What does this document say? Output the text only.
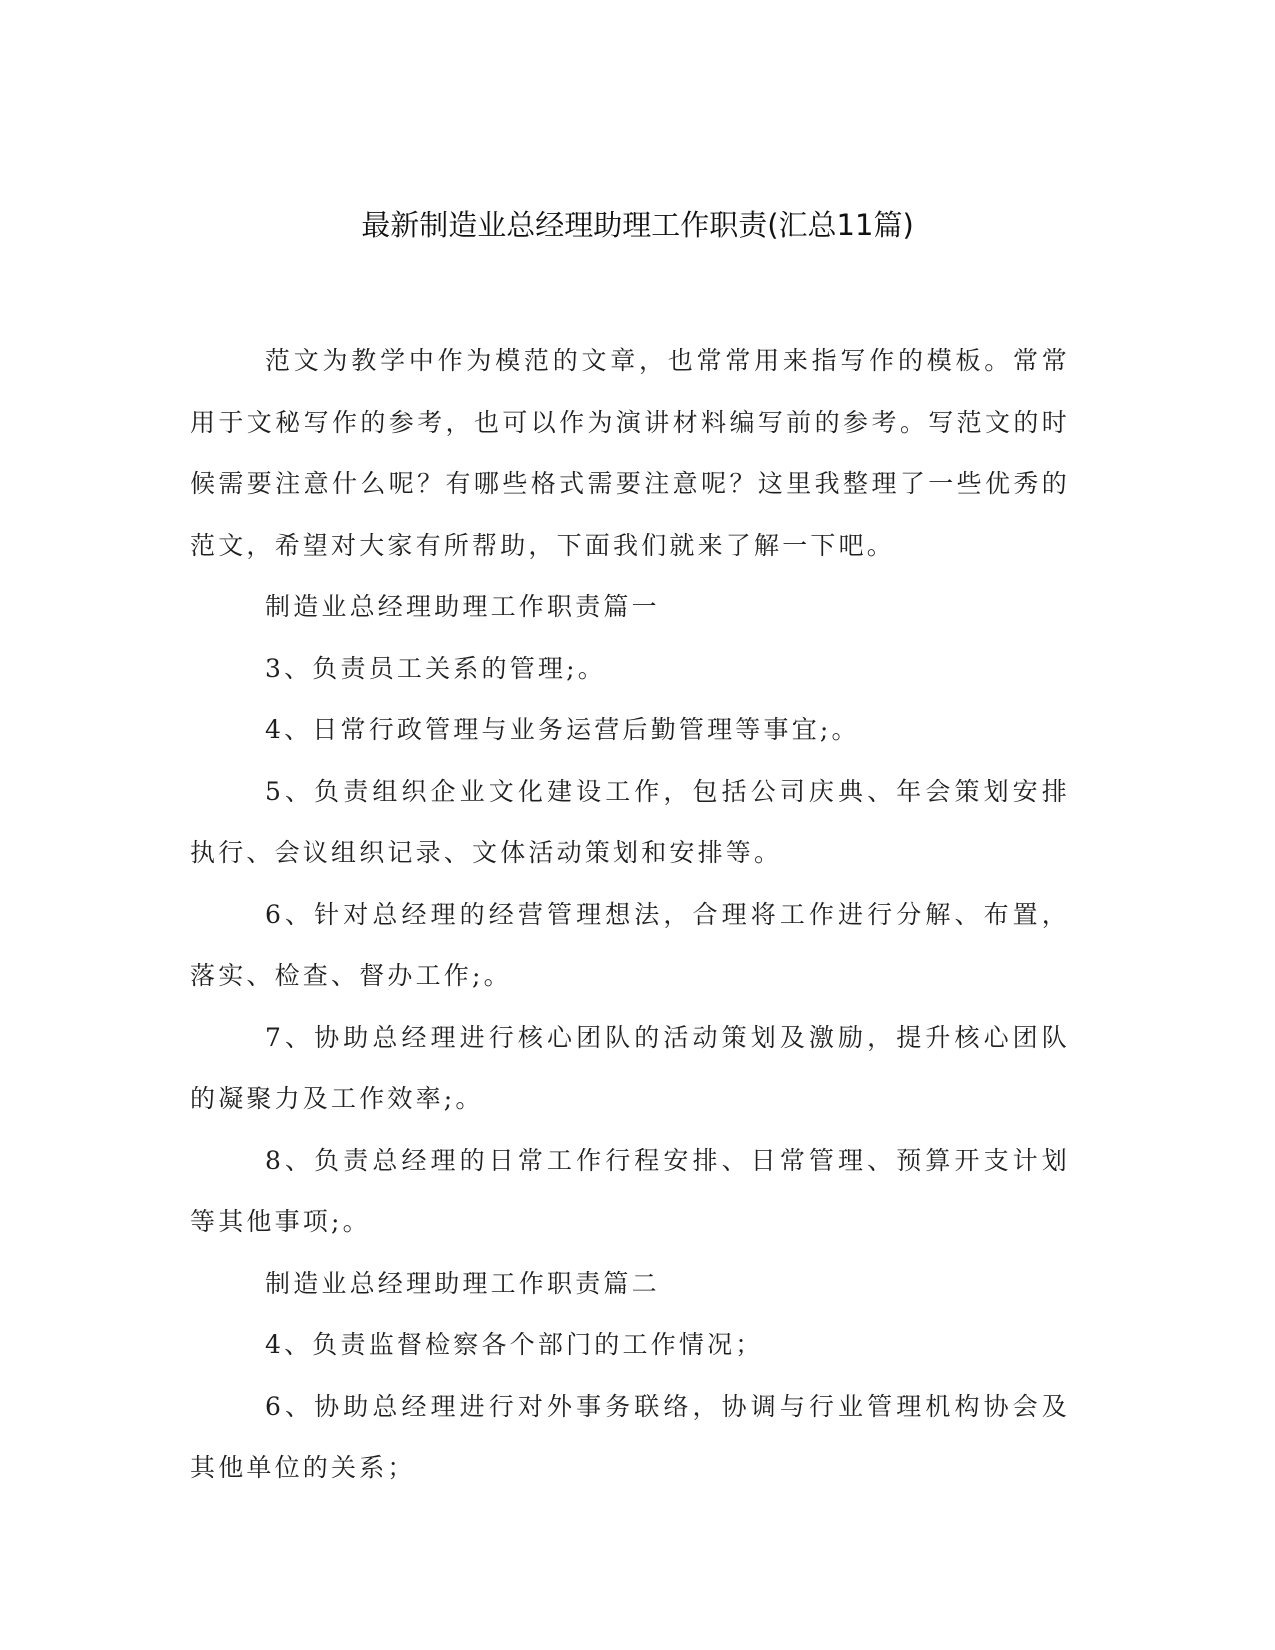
最新制造业总经理助理工作职责(汇总11篇)

范文为教学中作为模范的文章，也常常用来指写作的模板。常常用于文秘写作的参考，也可以作为演讲材料编写前的参考。写范文的时候需要注意什么呢？有哪些格式需要注意呢？这里我整理了一些优秀的范文，希望对大家有所帮助，下面我们就来了解一下吧。

制造业总经理助理工作职责篇一

3、负责员工关系的管理;。

4、日常行政管理与业务运营后勤管理等事宜;。

5、负责组织企业文化建设工作，包括公司庆典、年会策划安排执行、会议组织记录、文体活动策划和安排等。

6、针对总经理的经营管理想法，合理将工作进行分解、布置，落实、检查、督办工作;。

7、协助总经理进行核心团队的活动策划及激励，提升核心团队的凝聚力及工作效率;。

8、负责总经理的日常工作行程安排、日常管理、预算开支计划等其他事项;。

制造业总经理助理工作职责篇二

4、负责监督检察各个部门的工作情况；

6、协助总经理进行对外事务联络，协调与行业管理机构协会及其他单位的关系；
